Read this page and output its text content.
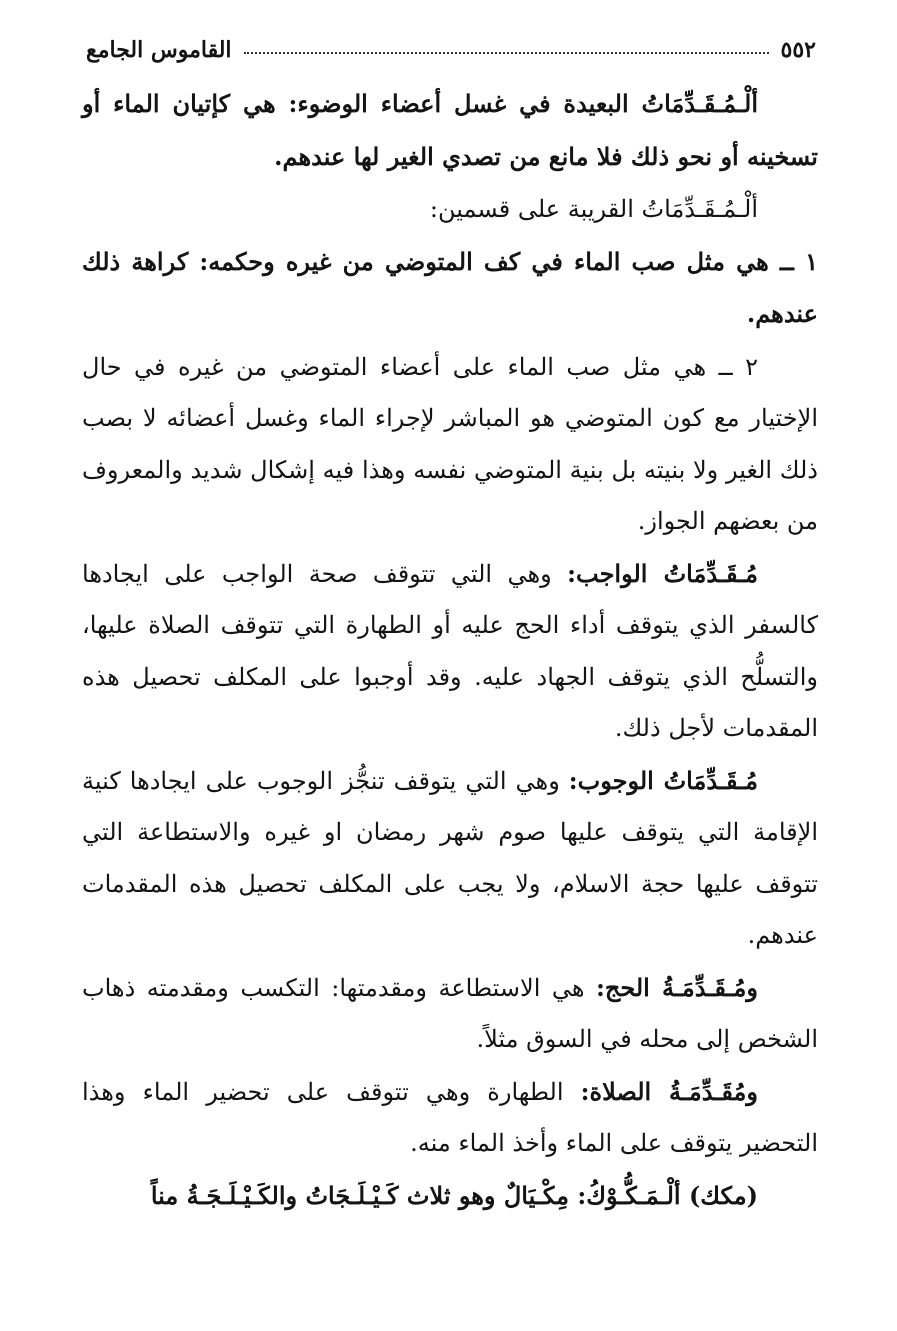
٥٥٢
القاموس الجامع

ألْـمُـقَـدِّمَاتُ البعيدة في غسل أعضاء الوضوء: هي كإتيان الماء أو تسخينه أو نحو ذلك فلا مانع من تصدي الغير لها عندهم.

ألْـمُـقَـدِّمَاتُ القريبة على قسمين:

١ ــ هي مثل صب الماء في كف المتوضي من غيره وحكمه: كراهة ذلك عندهم.

٢ ــ هي مثل صب الماء على أعضاء المتوضي من غيره في حال الإختيار مع كون المتوضي هو المباشر لإجراء الماء وغسل أعضائه لا بصب ذلك الغير ولا بنيته بل بنية المتوضي نفسه وهذا فيه إشكال شديد والمعروف من بعضهم الجواز.

مُـقَـدِّمَاتُ الواجب: وهي التي تتوقف صحة الواجب على ايجادها كالسفر الذي يتوقف أداء الحج عليه أو الطهارة التي تتوقف الصلاة عليها، والتسلُّح الذي يتوقف الجهاد عليه. وقد أوجبوا على المكلف تحصيل هذه المقدمات لأجل ذلك.

مُـقَـدِّمَاتُ الوجوب: وهي التي يتوقف تنجُّز الوجوب على ايجادها كنية الإقامة التي يتوقف عليها صوم شهر رمضان او غيره والاستطاعة التي تتوقف عليها حجة الاسلام، ولا يجب على المكلف تحصيل هذه المقدمات عندهم.

ومُـقَـدِّمَـةُ الحج: هي الاستطاعة ومقدمتها: التكسب ومقدمته ذهاب الشخص إلى محله في السوق مثلاً.

ومُقَـدِّمَـةُ الصلاة: الطهارة وهي تتوقف على تحضير الماء وهذا التحضير يتوقف على الماء وأخذ الماء منه.

(مكك) ألْـمَـكُّـوْكُ: مِكْـيَالٌ وهو ثلاث كَـيْـلَـجَاتُ والكَـيْـلَـجَـةُ مناً
